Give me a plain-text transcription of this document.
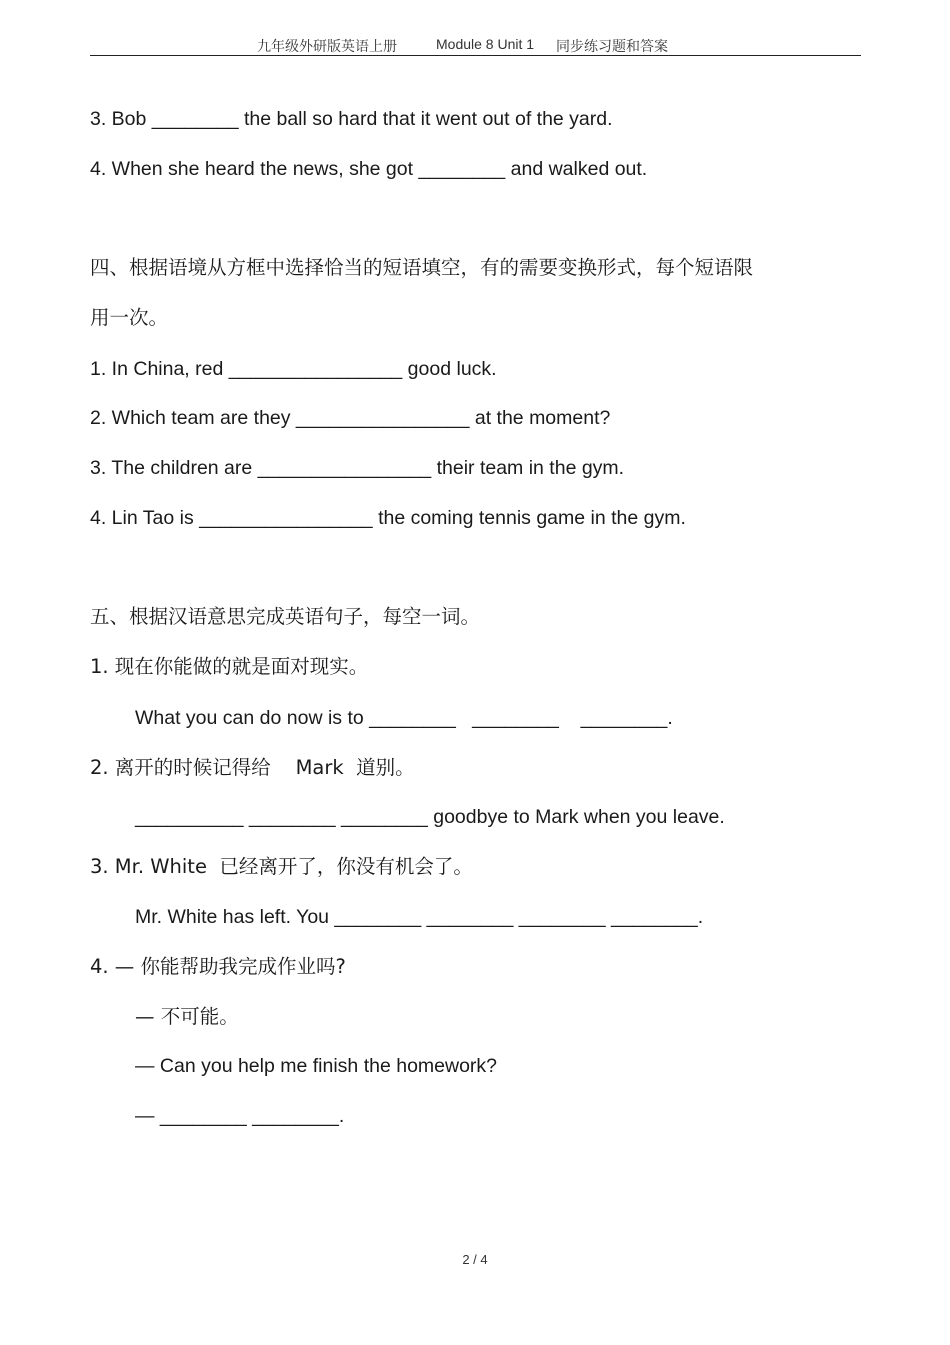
九年级外研版英语上册	Module 8 Unit 1 同步练习题和答案
3. Bob ________ the ball so hard that it went out of the yard.
4. When she heard the news, she got ________ and walked out.
四、根据语境从方框中选择恰当的短语填空，有的需要变换形式，每个短语限
用一次。
1. In China, red ________________ good luck.
2. Which team are they ________________ at the moment?
3. The children are ________________ their team in the gym.
4. Lin Tao is ________________ the coming tennis game in the gym.
五、根据汉语意思完成英语句子，每空一词。
1. 现在你能做的就是面对现实。
What you can do now is to ________   ________    ________.
2. 离开的时候记得给    Mark  道别。
__________ ________ ________ goodbye to Mark when you leave.
3. Mr. White  已经离开了，你没有机会了。
Mr. White has left. You ________ ________ ________ ________.
4. — 你能帮助我完成作业吗?
— 不可能。
— Can you help me finish the homework?
— ________ ________.
2 / 4
